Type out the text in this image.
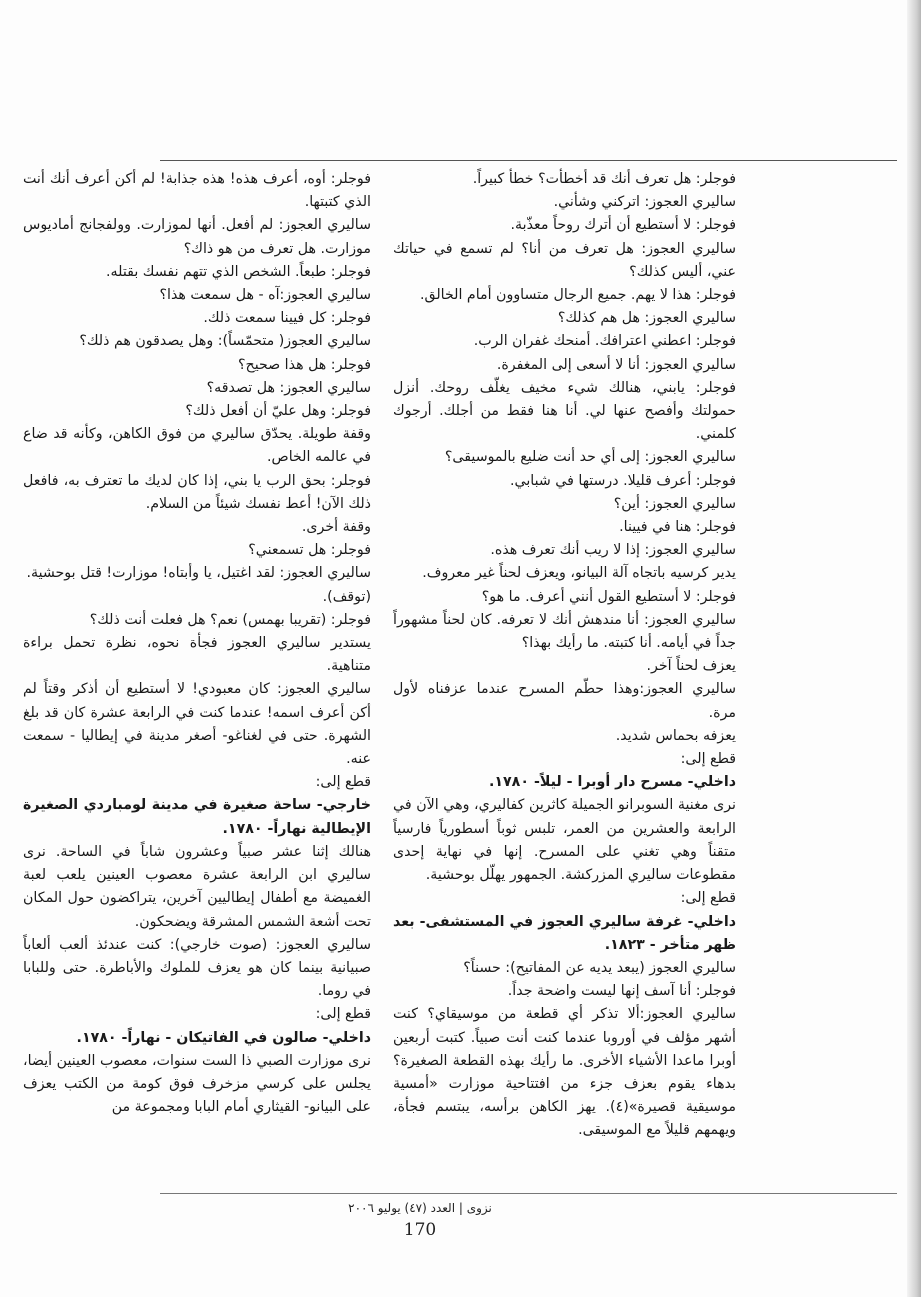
فوجلر: هل تعرف أنك قد أخطأت؟ خطأً كبيراً.

ساليري العجوز: اتركني وشأني.

فوجلر: لا أستطيع أن أترك روحاً معذّبة.

ساليري العجوز: هل تعرف من أنا؟ لم تسمع في حياتك عني، أليس كذلك؟

فوجلر: هذا لا يهم. جميع الرجال متساوون أمام الخالق.

ساليري العجوز: هل هم كذلك؟

فوجلر: اعطني اعترافك. أمنحك غفران الرب.

ساليري العجوز: أنا لا أسعى إلى المغفرة.

فوجلر: يابني، هنالك شيء مخيف يغلّف روحك. أنزل حمولتك وأفصح عنها لي. أنا هنا فقط من أجلك. أرجوك كلمني.

ساليري العجوز: إلى أي حد أنت ضليع بالموسيقى؟

فوجلر: أعرف قليلا. درستها في شبابي.

ساليري العجوز: أين؟

فوجلر: هنا في فيينا.

ساليري العجوز: إذا لا ريب أنك تعرف هذه.

يدير كرسيه باتجاه آلة البيانو، ويعزف لحناً غير معروف.

فوجلر: لا أستطيع القول أنني أعرف. ما هو؟

ساليري العجوز: أنا مندهش أنك لا تعرفه. كان لحناً مشهوراً جداً في أيامه. أنا كتبته. ما رأيك بهذا؟

يعزف لحناً آخر.

ساليري العجوز:وهذا حطّم المسرح عندما عزفناه لأول مرة.

يعزفه بحماس شديد.

قطع إلى:

داخلي- مسرح دار أوبرا - ليلاً- ١٧٨٠.

نرى مغنية السوبرانو الجميلة كاثرين كفاليري، وهي الآن في الرابعة والعشرين من العمر، تلبس ثوباً أسطورياً فارسياً متقناً وهي تغني على المسرح. إنها في نهاية إحدى مقطوعات ساليري المزركشة. الجمهور يهلّل بوحشية.

قطع إلى:

داخلي- غرفة ساليري العجوز في المستشفى- بعد ظهر متأخر - ١٨٢٣.

ساليري العجوز (يبعد يديه عن المفاتيح): حسناً؟

فوجلر: أنا آسف إنها ليست واضحة جداً.

ساليري العجوز:ألا تذكر أي قطعة من موسيقاي؟ كنت أشهر مؤلف في أوروبا عندما كنت أنت صبياً. كتبت أربعين أوبرا ماعدا الأشياء الأخرى. ما رأيك بهذه القطعة الصغيرة؟ بدهاء يقوم بعزف جزء من افتتاحية موزارت «أمسية موسيقية قصيرة»(٤). يهز الكاهن برأسه، يبتسم فجأة، ويهمهم قليلاً مع الموسيقى.

فوجلر: أوه، أعرف هذه! هذه جذابة! لم أكن أعرف أنك أنت الذي كتبتها.

ساليري العجوز: لم أفعل. أنها لموزارت. وولفجانج أماديوس موزارت. هل تعرف من هو ذاك؟

فوجلر: طبعاً. الشخص الذي تتهم نفسك بقتله.

ساليري العجوز:آه - هل سمعت هذا؟

فوجلر: كل فيينا سمعت ذلك.

ساليري العجوز( متحمّساً): وهل يصدقون هم ذلك؟

فوجلر: هل هذا صحيح؟

ساليري العجوز: هل تصدقه؟

فوجلر: وهل عليّ أن أفعل ذلك؟

وقفة طويلة. يحدّق ساليري من فوق الكاهن، وكأنه قد ضاع في عالمه الخاص.

فوجلر: بحق الرب يا بني، إذا كان لديك ما تعترف به، فافعل ذلك الآن! أعط نفسك شيئاً من السلام.

وقفة أخرى.

فوجلر: هل تسمعني؟

ساليري العجوز: لقد اغتيل، يا وأبتاه! موزارت! قتل بوحشية.

(توقف).

فوجلر: (تقريبا بهمس) نعم؟ هل فعلت أنت ذلك؟

يستدير ساليري العجوز فجأة نحوه، نظرة تحمل براءة متناهية.

ساليري العجوز: كان معبودي! لا أستطيع أن أذكر وقتاً لم أكن أعرف اسمه! عندما كنت في الرابعة عشرة كان قد بلغ الشهرة. حتى في لغناغو- أصغر مدينة في إيطاليا - سمعت عنه.

قطع إلى:

خارجي- ساحة صغيرة في مدينة لومباردي الصغيرة الإيطالية نهاراً- ١٧٨٠.

هنالك إثنا عشر صبياً وعشرون شاباً في الساحة. نرى ساليري ابن الرابعة عشرة معصوب العينين يلعب لعبة الغميضة مع أطفال إيطاليين آخرين، يتراكضون حول المكان تحت أشعة الشمس المشرقة ويضحكون.

ساليري العجوز: (صوت خارجي): كنت عندئذ ألعب ألعاباً صبيانية بينما كان هو يعزف للملوك والأباطرة. حتى وللبابا في روما.

قطع إلى:

داخلي- صالون في الفاتيكان - نهاراً- ١٧٨٠.

نرى موزارت الصبي ذا الست سنوات، معصوب العينين أيضا، يجلس على كرسي مزخرف فوق كومة من الكتب يعزف على البيانو- القيثاري أمام البابا ومجموعة من

نزوى | العدد (٤٧) يوليو ٢٠٠٦
170
